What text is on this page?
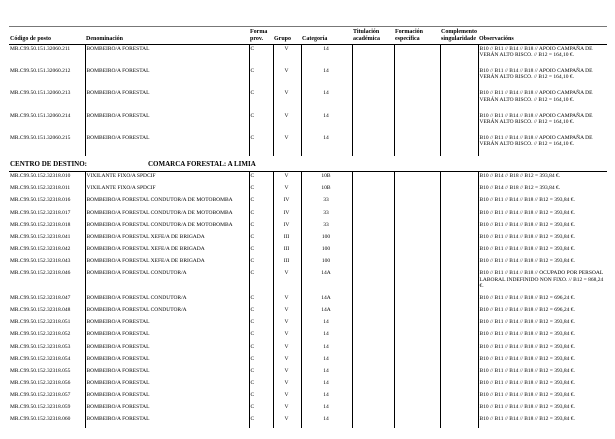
Código de posto	Denominación	Forma prov.	Grupo	Categoría	Titulación académica	Formación específica	Complemento singularidade	Observacións
MR.C99.50.151.32060.211	BOMBEIRO/A FORESTAL	C	V	14				B10 // B11 // B14 // B18 // APOIO CAMPAÑA DE VERÁN ALTO RISCO. // B12 = 164,10 €.
MR.C99.50.151.32060.212	BOMBEIRO/A FORESTAL	C	V	14				B10 // B11 // B14 // B18 // APOIO CAMPAÑA DE VERÁN ALTO RISCO. // B12 = 164,10 €.
MR.C99.50.151.32060.213	BOMBEIRO/A FORESTAL	C	V	14				B10 // B11 // B14 // B18 // APOIO CAMPAÑA DE VERÁN ALTO RISCO. // B12 = 164,10 €.
MR.C99.50.151.32060.214	BOMBEIRO/A FORESTAL	C	V	14				B10 // B11 // B14 // B18 // APOIO CAMPAÑA DE VERÁN ALTO RISCO. // B12 = 164,10 €.
MR.C99.50.151.32060.215	BOMBEIRO/A FORESTAL	C	V	14				B10 // B11 // B14 // B18 // APOIO CAMPAÑA DE VERÁN ALTO RISCO. // B12 = 164,10 €.
CENTRO DE DESTINO: COMARCA FORESTAL: A LIMIA								
MR.C99.50.152.32318.010	VIXILANTE FIXO/A SPDCIF	C	V	10B				B10 // B14 // B18 // B12 = 393,84 €.
MR.C99.50.152.32318.011	VIXILANTE FIXO/A SPDCIF	C	V	10B				B10 // B14 // B18 // B12 = 393,84 €.
MR.C99.50.152.32318.016	BOMBEIRO/A FORESTAL CONDUTOR/A DE MOTOBOMBA	C	IV	33				B10 // B11 // B14 // B18 // B12 = 393,84 €.
MR.C99.50.152.32318.017	BOMBEIRO/A FORESTAL CONDUTOR/A DE MOTOBOMBA	C	IV	33				B10 // B11 // B14 // B18 // B12 = 393,84 €.
MR.C99.50.152.32318.018	BOMBEIRO/A FORESTAL CONDUTOR/A DE MOTOBOMBA	C	IV	33				B10 // B11 // B14 // B18 // B12 = 393,84 €.
MR.C99.50.152.32318.041	BOMBEIRO/A FORESTAL XEFE/A DE BRIGADA	C	III	100				B10 // B11 // B14 // B18 // B12 = 393,84 €.
MR.C99.50.152.32318.042	BOMBEIRO/A FORESTAL XEFE/A DE BRIGADA	C	III	100				B10 // B11 // B14 // B18 // B12 = 393,84 €.
MR.C99.50.152.32318.043	BOMBEIRO/A FORESTAL XEFE/A DE BRIGADA	C	III	100				B10 // B11 // B14 // B18 // B12 = 393,84 €.
MR.C99.50.152.32318.046	BOMBEIRO/A FORESTAL CONDUTOR/A	C	V	14A				B10 // B11 // B14 // B18 // OCUPADO POR PERSOAL LABORAL INDEFINIDO NON FIXO. // B12 = 868,24 €.
MR.C99.50.152.32318.047	BOMBEIRO/A FORESTAL CONDUTOR/A	C	V	14A				B10 // B11 // B14 // B18 // B12 = 696,24 €.
MR.C99.50.152.32318.048	BOMBEIRO/A FORESTAL CONDUTOR/A	C	V	14A				B10 // B11 // B14 // B18 // B12 = 696,24 €.
MR.C99.50.152.32318.051	BOMBEIRO/A FORESTAL	C	V	14				B10 // B11 // B14 // B18 // B12 = 393,84 €.
MR.C99.50.152.32318.052	BOMBEIRO/A FORESTAL	C	V	14				B10 // B11 // B14 // B18 // B12 = 393,84 €.
MR.C99.50.152.32318.053	BOMBEIRO/A FORESTAL	C	V	14				B10 // B11 // B14 // B18 // B12 = 393,84 €.
MR.C99.50.152.32318.054	BOMBEIRO/A FORESTAL	C	V	14				B10 // B11 // B14 // B18 // B12 = 393,84 €.
MR.C99.50.152.32318.055	BOMBEIRO/A FORESTAL	C	V	14				B10 // B11 // B14 // B18 // B12 = 393,84 €.
MR.C99.50.152.32318.056	BOMBEIRO/A FORESTAL	C	V	14				B10 // B11 // B14 // B18 // B12 = 393,84 €.
MR.C99.50.152.32318.057	BOMBEIRO/A FORESTAL	C	V	14				B10 // B11 // B14 // B18 // B12 = 393,84 €.
MR.C99.50.152.32318.059	BOMBEIRO/A FORESTAL	C	V	14				B10 // B11 // B14 // B18 // B12 = 393,84 €.
MR.C99.50.152.32318.060	BOMBEIRO/A FORESTAL	C	V	14				B10 // B11 // B14 // B18 // B12 = 393,84 €.
